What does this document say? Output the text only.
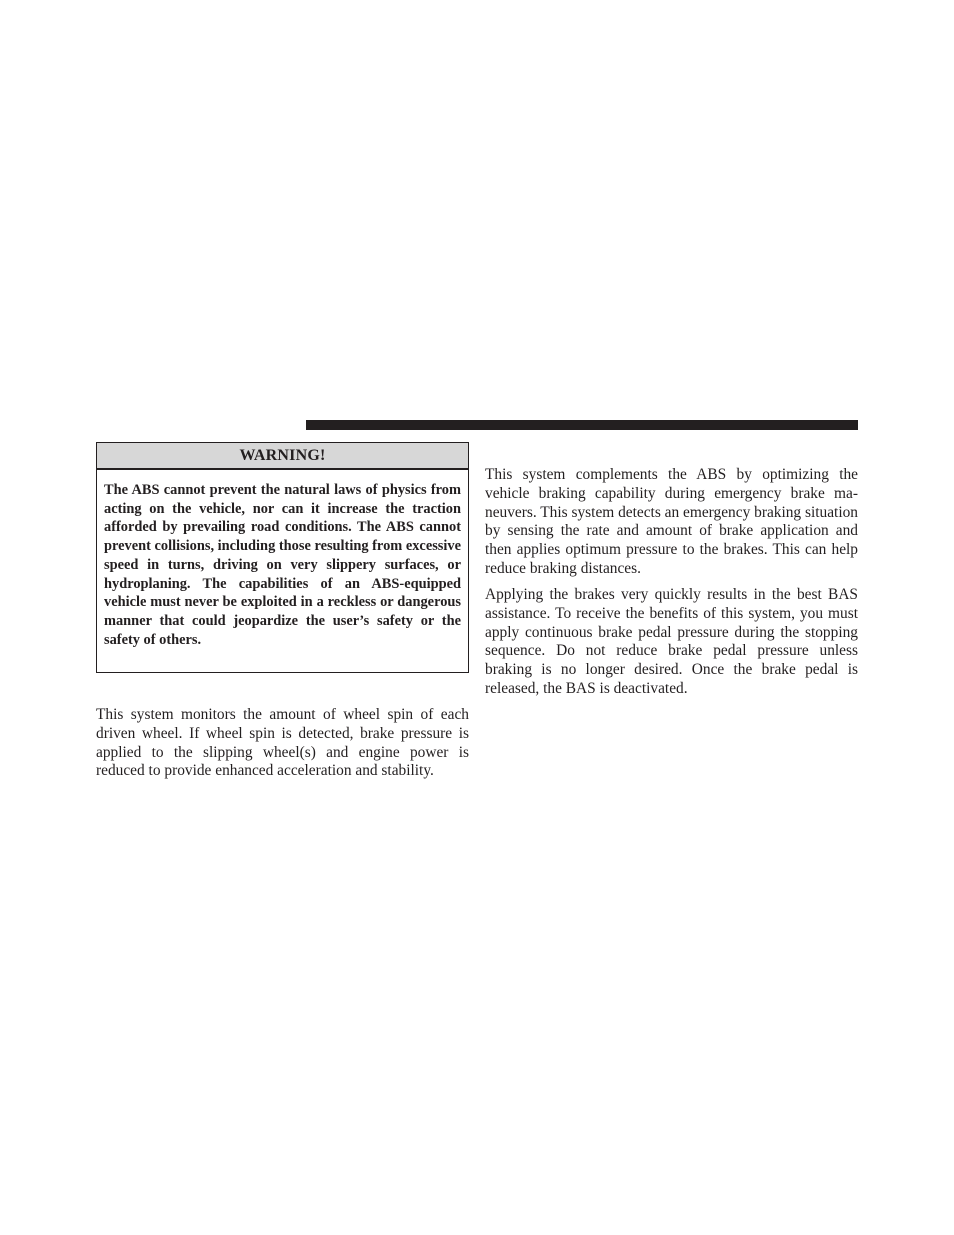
WARNING!
The ABS cannot prevent the natural laws of physics from acting on the vehicle, nor can it increase the traction afforded by prevailing road conditions. The ABS cannot prevent collisions, including those resulting from excessive speed in turns, driving on very slippery surfaces, or hydroplaning. The capabilities of an ABS-equipped vehicle must never be exploited in a reckless or dangerous manner that could jeopardize the user’s safety or the safety of others.

This system monitors the amount of wheel spin of each driven wheel. If wheel spin is detected, brake pressure is applied to the slipping wheel(s) and engine power is reduced to provide enhanced acceleration and stability.

This system complements the ABS by optimizing the vehicle braking capability during emergency brake maneuvers. This system detects an emergency braking situation by sensing the rate and amount of brake application and then applies optimum pressure to the brakes. This can help reduce braking distances.

Applying the brakes very quickly results in the best BAS assistance. To receive the benefits of this system, you must apply continuous brake pedal pressure during the stopping sequence. Do not reduce brake pedal pressure unless braking is no longer desired. Once the brake pedal is released, the BAS is deactivated.
